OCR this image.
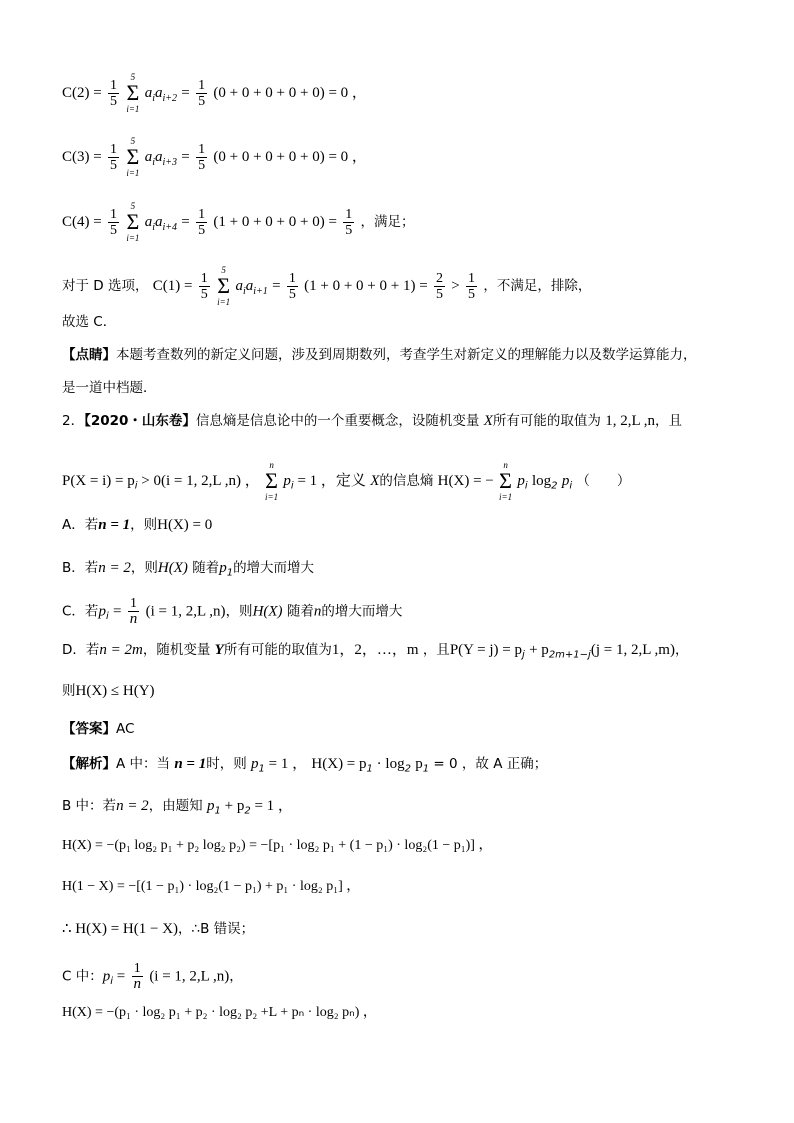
$C(2) = \frac{1}{5}$

5
Σ
i=1
$a_ia_{i+2} = \frac{1}{5} (0 + 0 + 0 + 0 + 0) = 0$ ，
$C(3) = \frac{1}{5}$

5
Σ
i=1
$a_ia_{i+3} = \frac{1}{5} (0 + 0 + 0 + 0 + 0) = 0$ ，
$C(4) = \frac{1}{5}$

5
Σ
i=1
$a_ia_{i+4} = \frac{1}{5} (1 + 0 + 0 + 0 + 0) = \frac{1}{5}$ ，满足；
对于 D 选项， $C(1) = \frac{1}{5}$

5
Σ
i=1
$a_ia_{i+1} = \frac{1}{5} (1 + 0 + 0 + 0 + 1) = \frac{2}{5} > \frac{1}{5}$ ，不满足，排除，
故选 C．
【点睛】本题考查数列的新定义问题，涉及到周期数列，考查学生对新定义的理解能力以及数学运算能力，
是一道中档题．
2．【2020・山东卷】信息熵是信息论中的一个重要概念，设随机变量 X所有可能的取值为 1, 2,L ,n，且
$P(X = i) = p_i > 0(i = 1$, 2,L ,n) ，
n
Σ
i=1
$p_i = 1$ ，定义 X的信息熵 H(X) = −
n
Σ
i=1
$p_i$ $\log_2 p_i$ （　　）
A．若n = 1，则H(X) = 0
B．若n = 2，则H(X) 随着$p_1$的增大而增大
C．若$p_i = \frac{1}{n} (i = 1$, 2,L ,n)，则H(X) 随着n的增大而增大
D．若n = 2m，随机变量 Y所有可能的取值为1，2，…，m ，且$P(Y = j) = p_j + p_{2m+1-j}(j = 1$, 2,L ,m)，
则H(X) ≤ H(Y)
【答案】AC
【解析】A 中：当 n = 1时，则 $p_1 = 1$ ， $H(X) = p_1 \cdot \log_2 p_1 = 0$ ，故 A 正确；
B 中：若n = 2，由题知 $p_1 + p_2 = 1$ ，
H(X) = −(p₁ log₂ p₁ + p₂ log₂ p₂) = −[p₁ · log₂ p₁ + (1 − p₁) · log₂(1 − p₁)] ，
H(1 − X) = −[(1 − p₁) · log₂(1 − p₁) + p₁ · log₂ p₁] ，
∴ H(X) = H(1 − X)，∴B 错误；
C 中：$p_i = \frac{1}{n} (i = 1$, 2,L ,n)，
H(X) = −(p₁ · log₂ p₁ + p₂ · log₂ p₂ +L + pₙ · log₂ pₙ) ，
